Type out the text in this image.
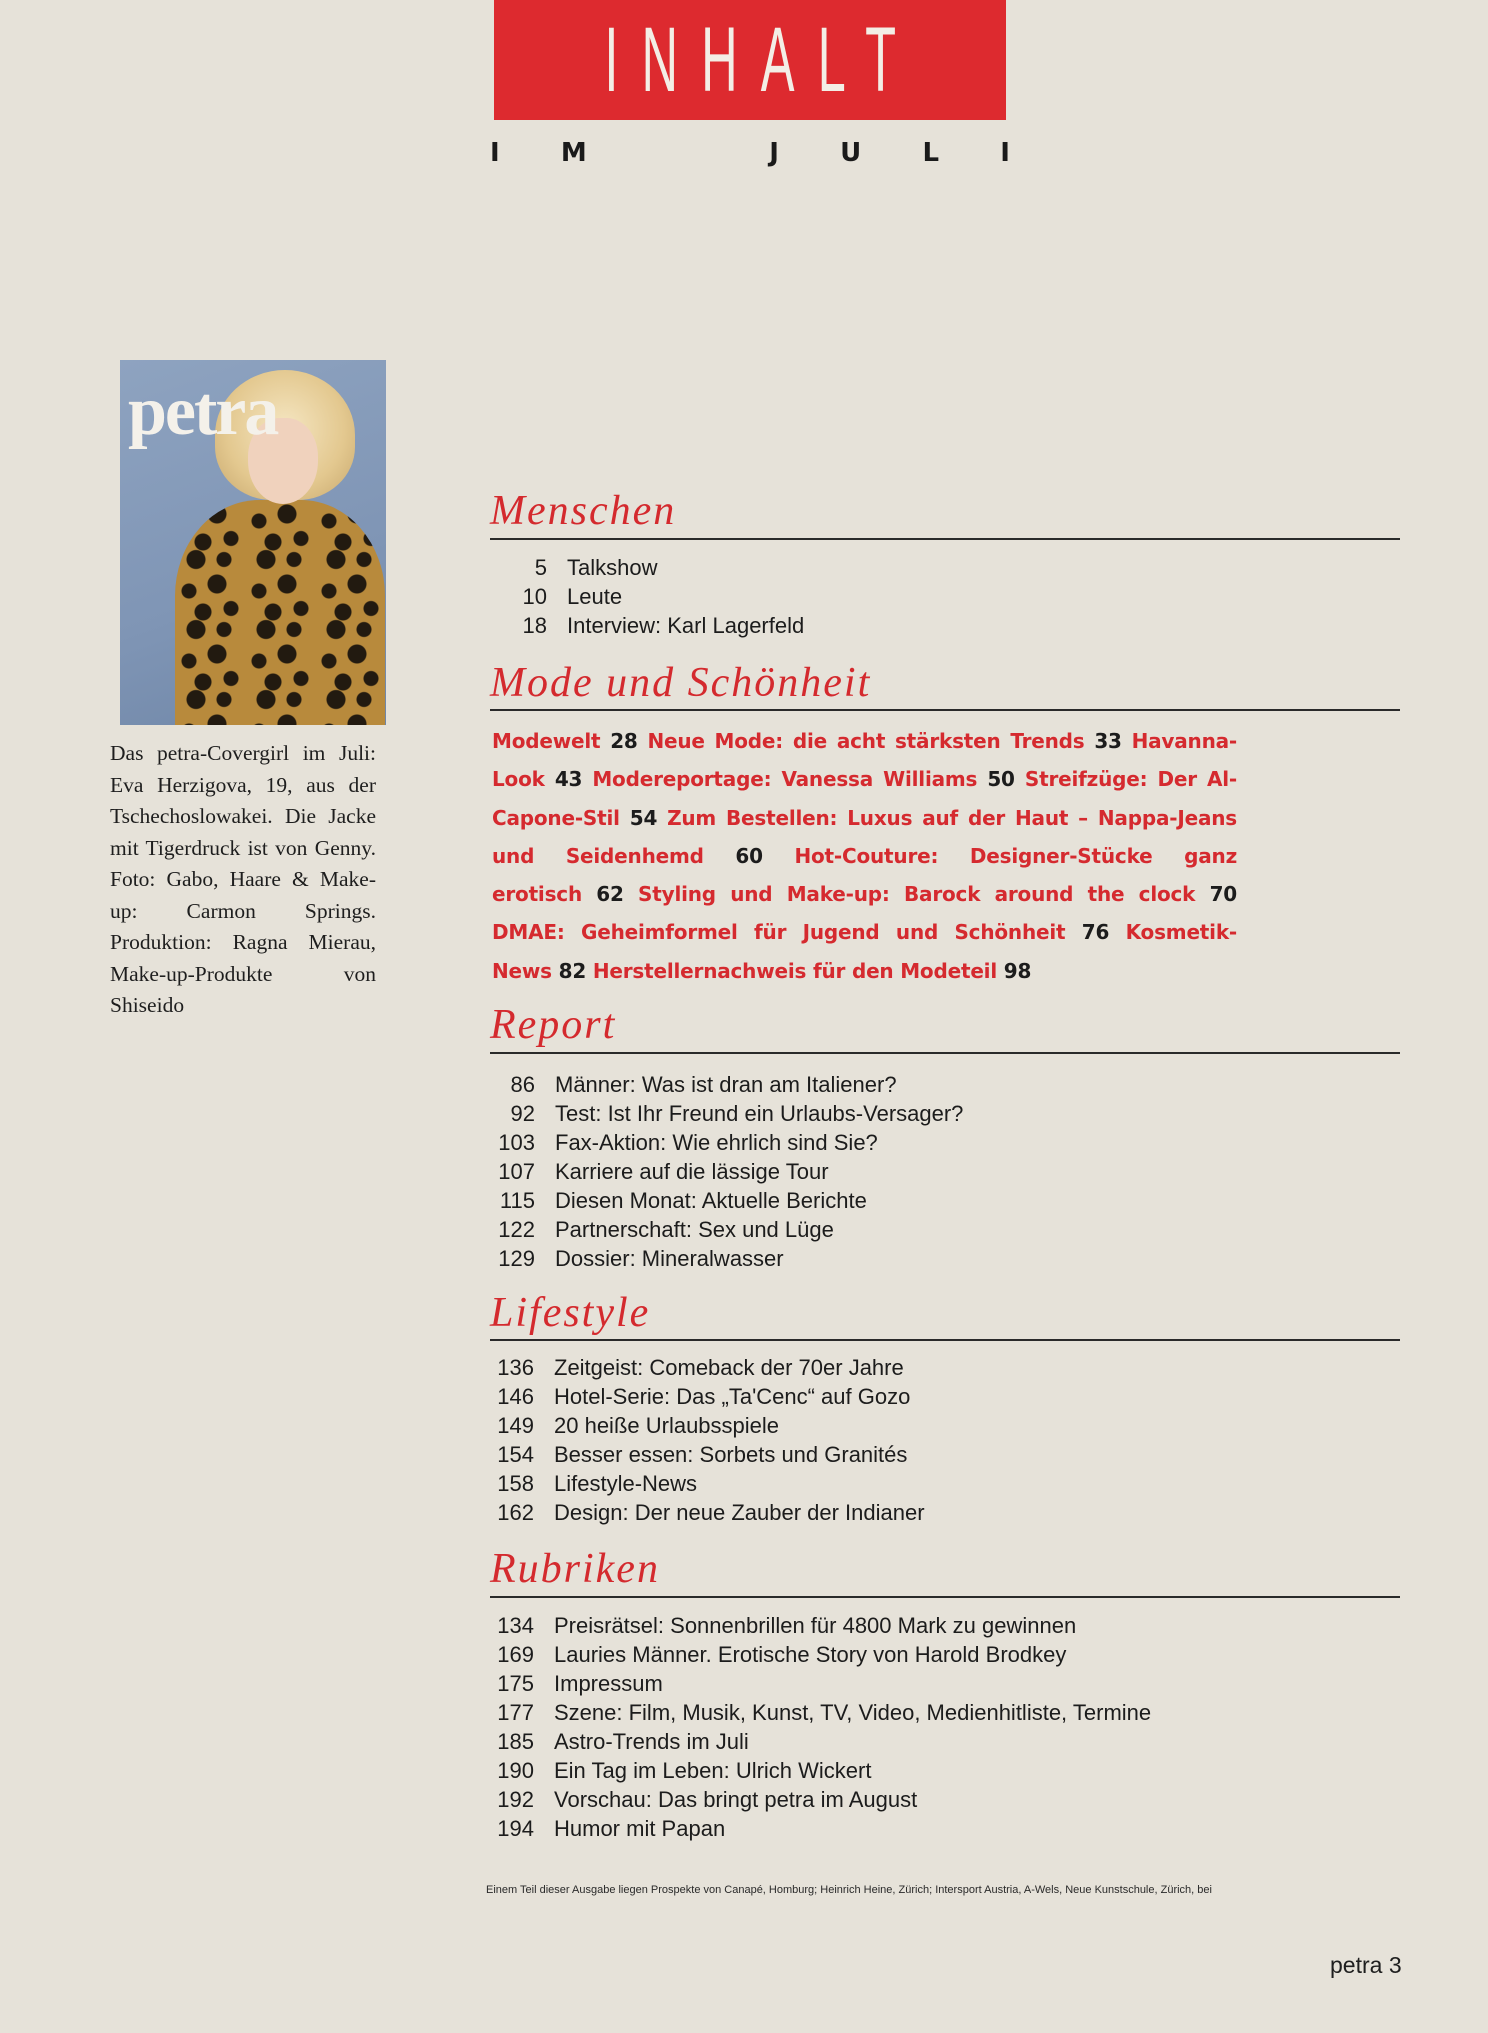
INHALT
I M	J U L I
petra
Das petra-Covergirl im Juli: Eva Herzigova, 19, aus der Tschechoslowakei. Die Jacke mit Tigerdruck ist von Genny. Foto: Gabo, Haare & Make-up: Carmon Springs. Produktion: Ragna Mierau, Make-up-Produkte von Shiseido
Menschen
5 Talkshow
10 Leute
18 Interview: Karl Lagerfeld
Mode und Schönheit
Modewelt 28 Neue Mode: die acht stärksten Trends 33 Havanna-Look 43 Modereportage: Vanessa Williams 50 Streifzüge: Der Al-Capone-Stil 54 Zum Bestellen: Luxus auf der Haut – Nappa-Jeans und Seidenhemd 60 Hot-Couture: Designer-Stücke ganz erotisch 62 Styling und Make-up: Barock around the clock 70 DMAE: Geheimformel für Jugend und Schönheit 76 Kosmetik-News 82 Herstellernachweis für den Modeteil 98
Report
86 Männer: Was ist dran am Italiener?
92 Test: Ist Ihr Freund ein Urlaubs-Versager?
103 Fax-Aktion: Wie ehrlich sind Sie?
107 Karriere auf die lässige Tour
115 Diesen Monat: Aktuelle Berichte
122 Partnerschaft: Sex und Lüge
129 Dossier: Mineralwasser
Lifestyle
136 Zeitgeist: Comeback der 70er Jahre
146 Hotel-Serie: Das „Ta'Cenc“ auf Gozo
149 20 heiße Urlaubsspiele
154 Besser essen: Sorbets und Granités
158 Lifestyle-News
162 Design: Der neue Zauber der Indianer
Rubriken
134 Preisrätsel: Sonnenbrillen für 4800 Mark zu gewinnen
169 Lauries Männer. Erotische Story von Harold Brodkey
175 Impressum
177 Szene: Film, Musik, Kunst, TV, Video, Medienhitliste, Termine
185 Astro-Trends im Juli
190 Ein Tag im Leben: Ulrich Wickert
192 Vorschau: Das bringt petra im August
194 Humor mit Papan
Einem Teil dieser Ausgabe liegen Prospekte von Canapé, Homburg; Heinrich Heine, Zürich; Intersport Austria, A-Wels, Neue Kunstschule, Zürich, bei
petra 3
